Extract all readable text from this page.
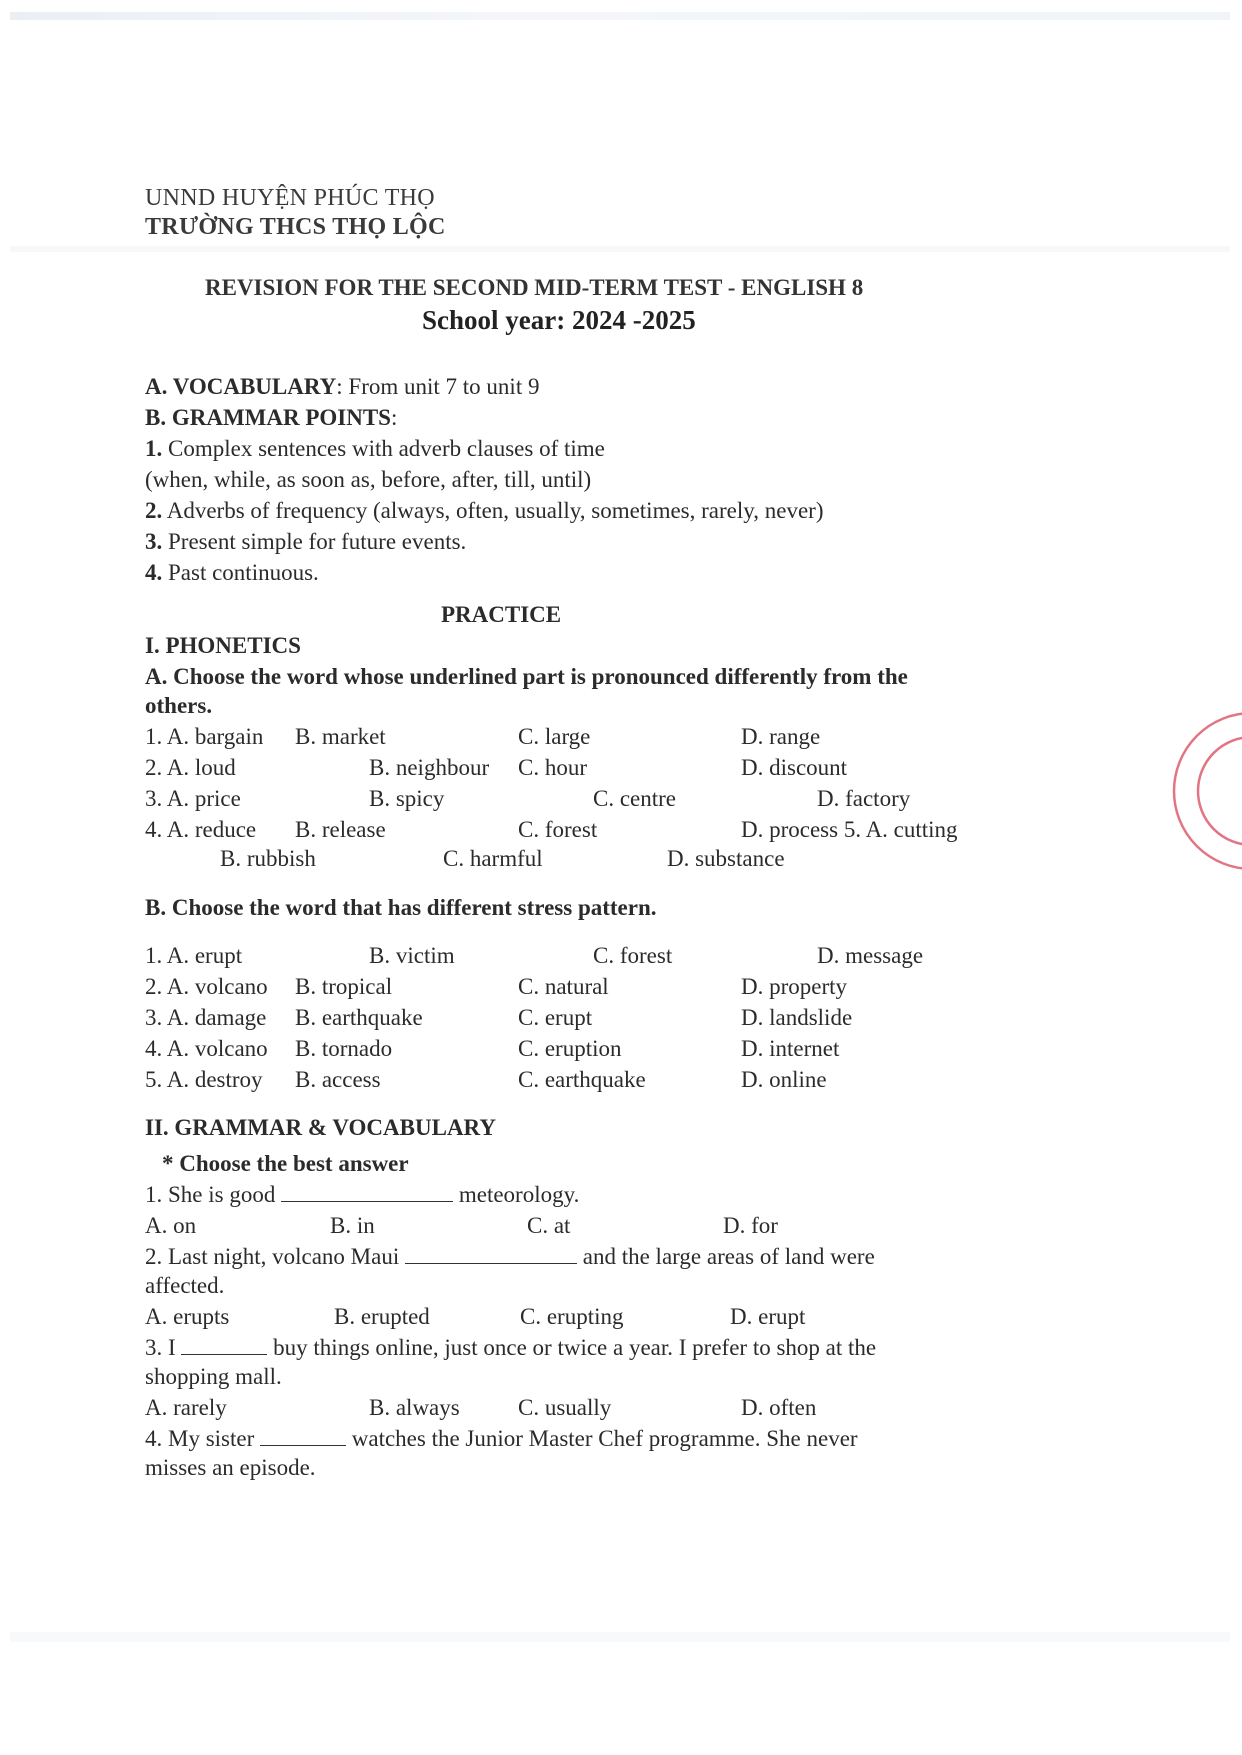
UNND HUYỆN PHÚC THỌ
TRƯỜNG THCS THỌ LỘC
REVISION FOR THE SECOND MID-TERM TEST - ENGLISH 8
School year: 2024 -2025
A. VOCABULARY: From unit 7 to unit 9
B. GRAMMAR POINTS:
1. Complex sentences with adverb clauses of time
(when, while, as soon as, before, after, till, until)
2. Adverbs of frequency (always, often, usually, sometimes, rarely, never)
3. Present simple for future events.
4. Past continuous.
PRACTICE
I. PHONETICS
A. Choose the word whose underlined part is pronounced differently from the
others.
1. A. bargain B. market	C. large	D. range
2. A. loud	B. neighbour C. hour	D. discount
3. A. price	B. spicy	C. centre	D. factory
4. A. reduce B. release	C. forest	D. process 5. A. cutting
B. rubbish	C. harmful	D. substance
B. Choose the word that has different stress pattern.
1. A. erupt	B. victim	C. forest	D. message
2. A. volcano B. tropical	C. natural	D. property
3. A. damage B. earthquake	C. erupt	D. landslide
4. A. volcano B. tornado	C. eruption	D. internet
5. A. destroy B. access	C. earthquake	D. online
II. GRAMMAR & VOCABULARY
* Choose the best answer
1. She is good	meteorology.
A. on	B. in	C. at	D. for
2. Last night, volcano Maui	and the large areas of land were
affected.
A. erupts	B. erupted	C. erupting	D. erupt
3. I	buy things online, just once or twice a year. I prefer to shop at the
shopping mall.
A. rarely	B. always	C. usually	D. often
4. My sister	watches the Junior Master Chef programme. She never
misses an episode.
